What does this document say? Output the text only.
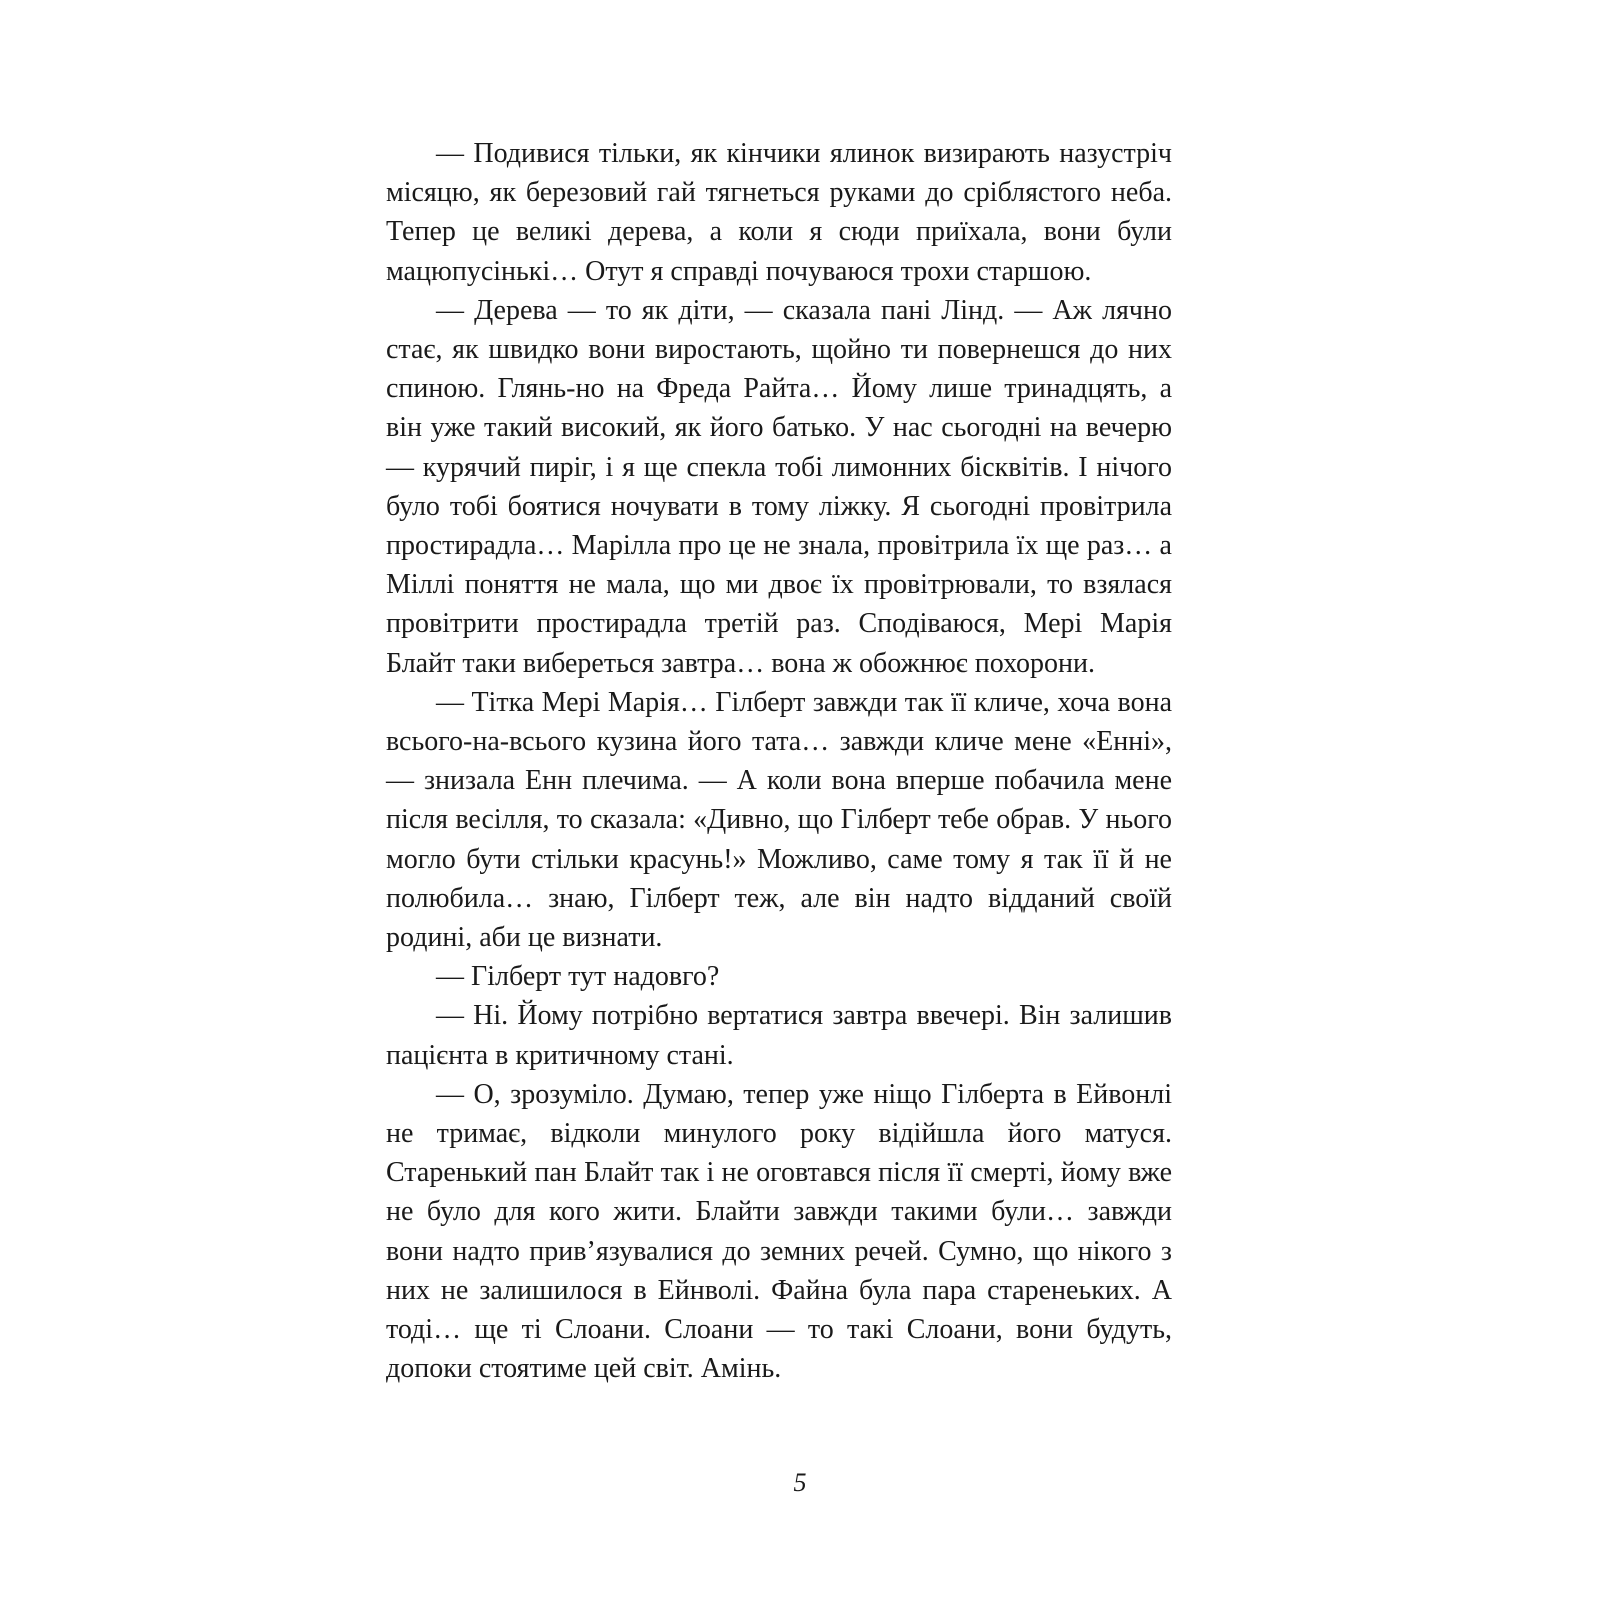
— Подивися тільки, як кінчики ялинок визирають назустріч місяцю, як березовий гай тягнеться руками до сріблястого неба. Тепер це великі дерева, а коли я сюди приїхала, вони були мацюпусінькі… Отут я справді почуваюся трохи старшою.

— Дерева — то як діти, — сказала пані Лінд. — Аж лячно стає, як швидко вони виростають, щойно ти повернешся до них спиною. Глянь-но на Фреда Райта… Йому лише тринадцять, а він уже такий високий, як його батько. У нас сьогодні на вечерю — курячий пиріг, і я ще спекла тобі лимонних бісквітів. І нічого було тобі боятися ночувати в тому ліжку. Я сьогодні провітрила простирадла… Марілла про це не знала, провітрила їх ще раз… а Міллі поняття не мала, що ми двоє їх провітрювали, то взялася провітрити простирадла третій раз. Сподіваюся, Мері Марія Блайт таки вибереться завтра… вона ж обожнює похорони.

— Тітка Мері Марія… Гілберт завжди так її кличе, хоча вона всього-на-всього кузина його тата… завжди кличе мене «Енні», — знизала Енн плечима. — А коли вона вперше побачила мене після весілля, то сказала: «Дивно, що Гілберт тебе обрав. У нього могло бути стільки красунь!» Можливо, саме тому я так її й не полюбила… знаю, Гілберт теж, але він надто відданий своїй родині, аби це визнати.

— Гілберт тут надовго?

— Ні. Йому потрібно вертатися завтра ввечері. Він залишив пацієнта в критичному стані.

— О, зрозуміло. Думаю, тепер уже ніщо Гілберта в Ейвонлі не тримає, відколи минулого року відійшла його матуся. Старенький пан Блайт так і не оговтався після її смерті, йому вже не було для кого жити. Блайти завжди такими були… завжди вони надто прив’язувалися до земних речей. Сумно, що нікого з них не залишилося в Ейнволі. Файна була пара старенеьких. А тоді… ще ті Слоани. Слоани — то такі Слоани, вони будуть, допоки стоятиме цей світ. Амінь.

5
